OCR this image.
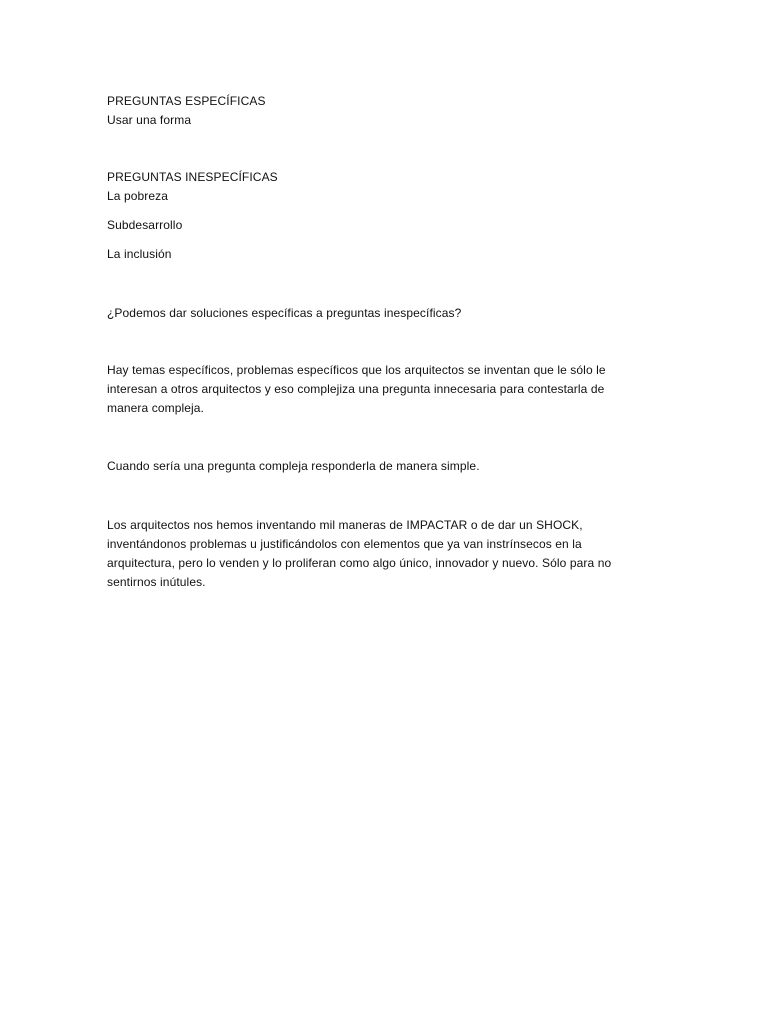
PREGUNTAS ESPECÍFICAS
Usar una forma
PREGUNTAS INESPECÍFICAS
La pobreza
Subdesarrollo
La inclusión
¿Podemos dar soluciones específicas a preguntas inespecíficas?
Hay temas específicos, problemas específicos que los arquitectos se inventan que le sólo le
interesan a otros arquitectos y eso complejiza una pregunta innecesaria para contestarla de
manera compleja.
Cuando sería una pregunta compleja responderla de manera simple.
Los arquitectos nos hemos inventando mil maneras de IMPACTAR o de dar un SHOCK,
inventándonos problemas u justificándolos con elementos que ya van instrínsecos en la
arquitectura, pero lo venden y lo proliferan como algo único, innovador y nuevo. Sólo para no
sentirnos inútules.
